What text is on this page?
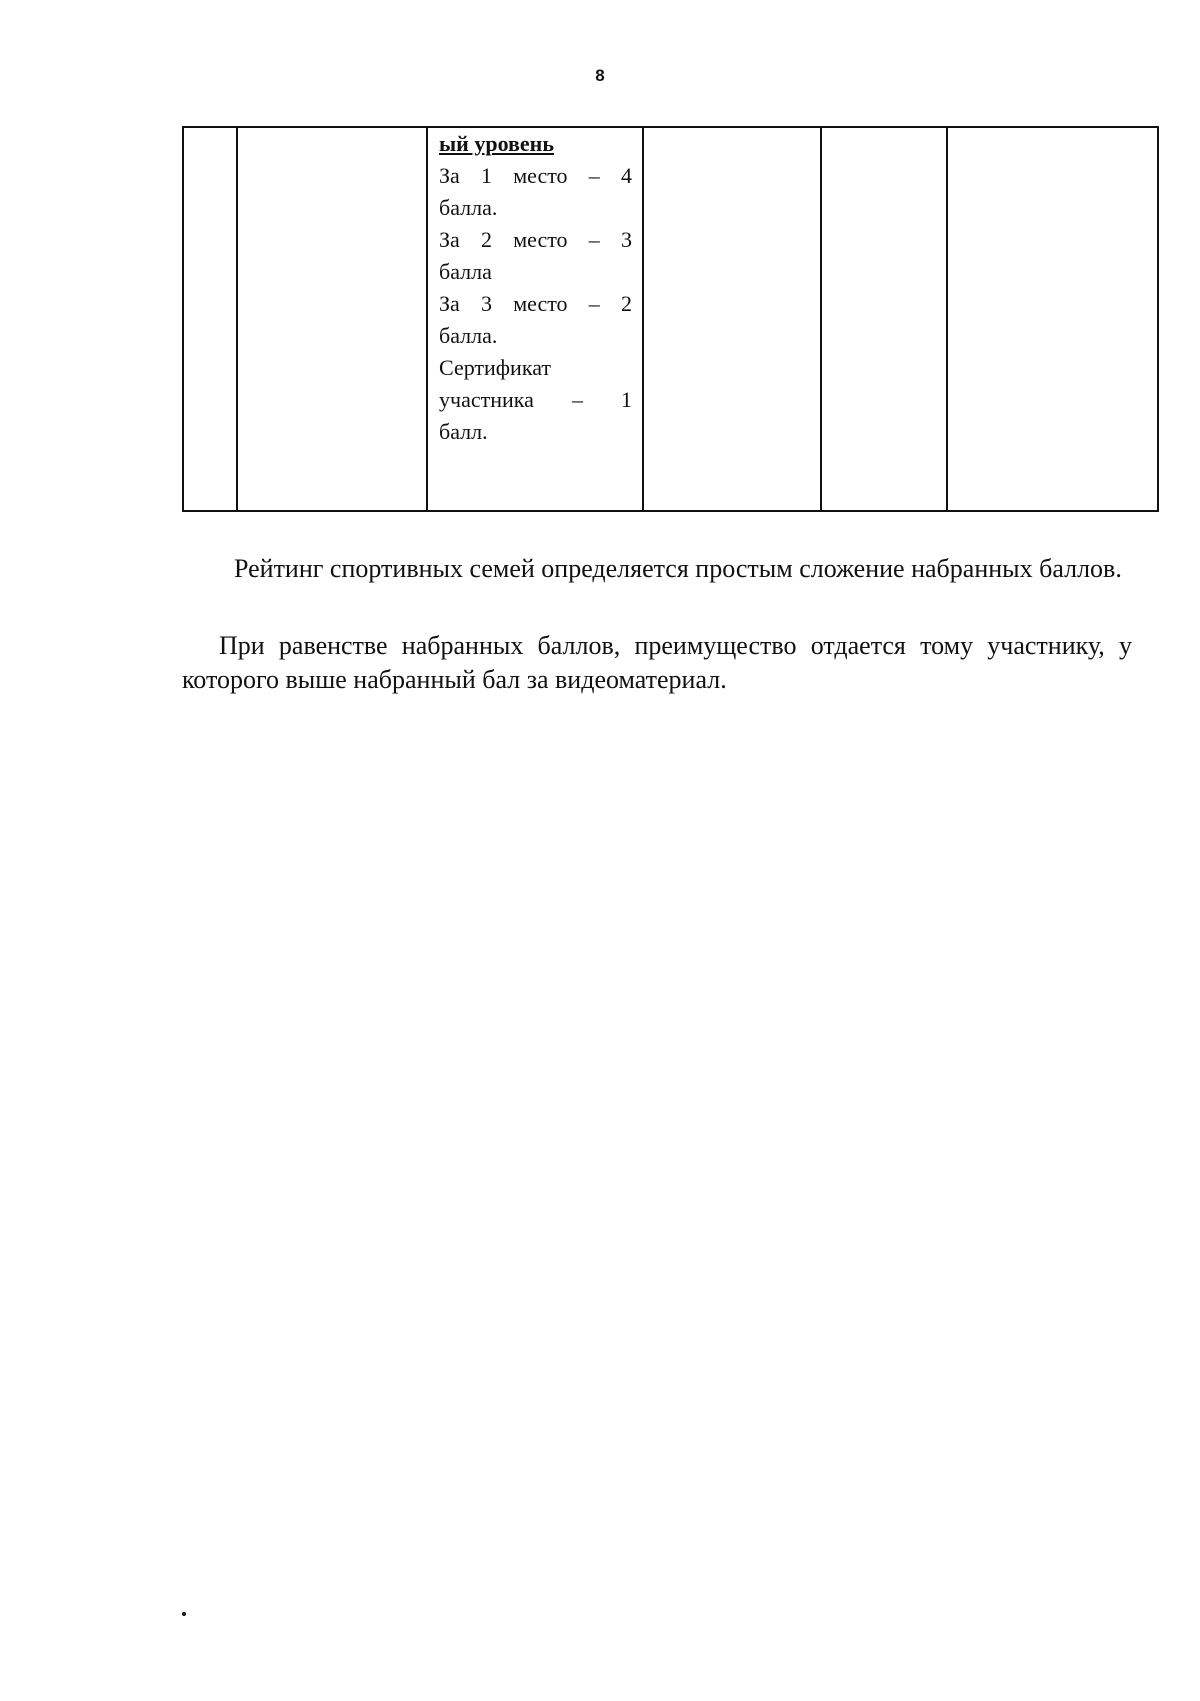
8

ый уровень
За 1 место – 4
балла.
За 2 место – 3
балла
За 3 место – 2
балла.
Сертификат
участника – 1
балл.

Рейтинг спортивных семей определяется простым сложение набранных баллов.

При равенстве набранных баллов, преимущество отдается тому участнику, у которого выше набранный бал за видеоматериал.
